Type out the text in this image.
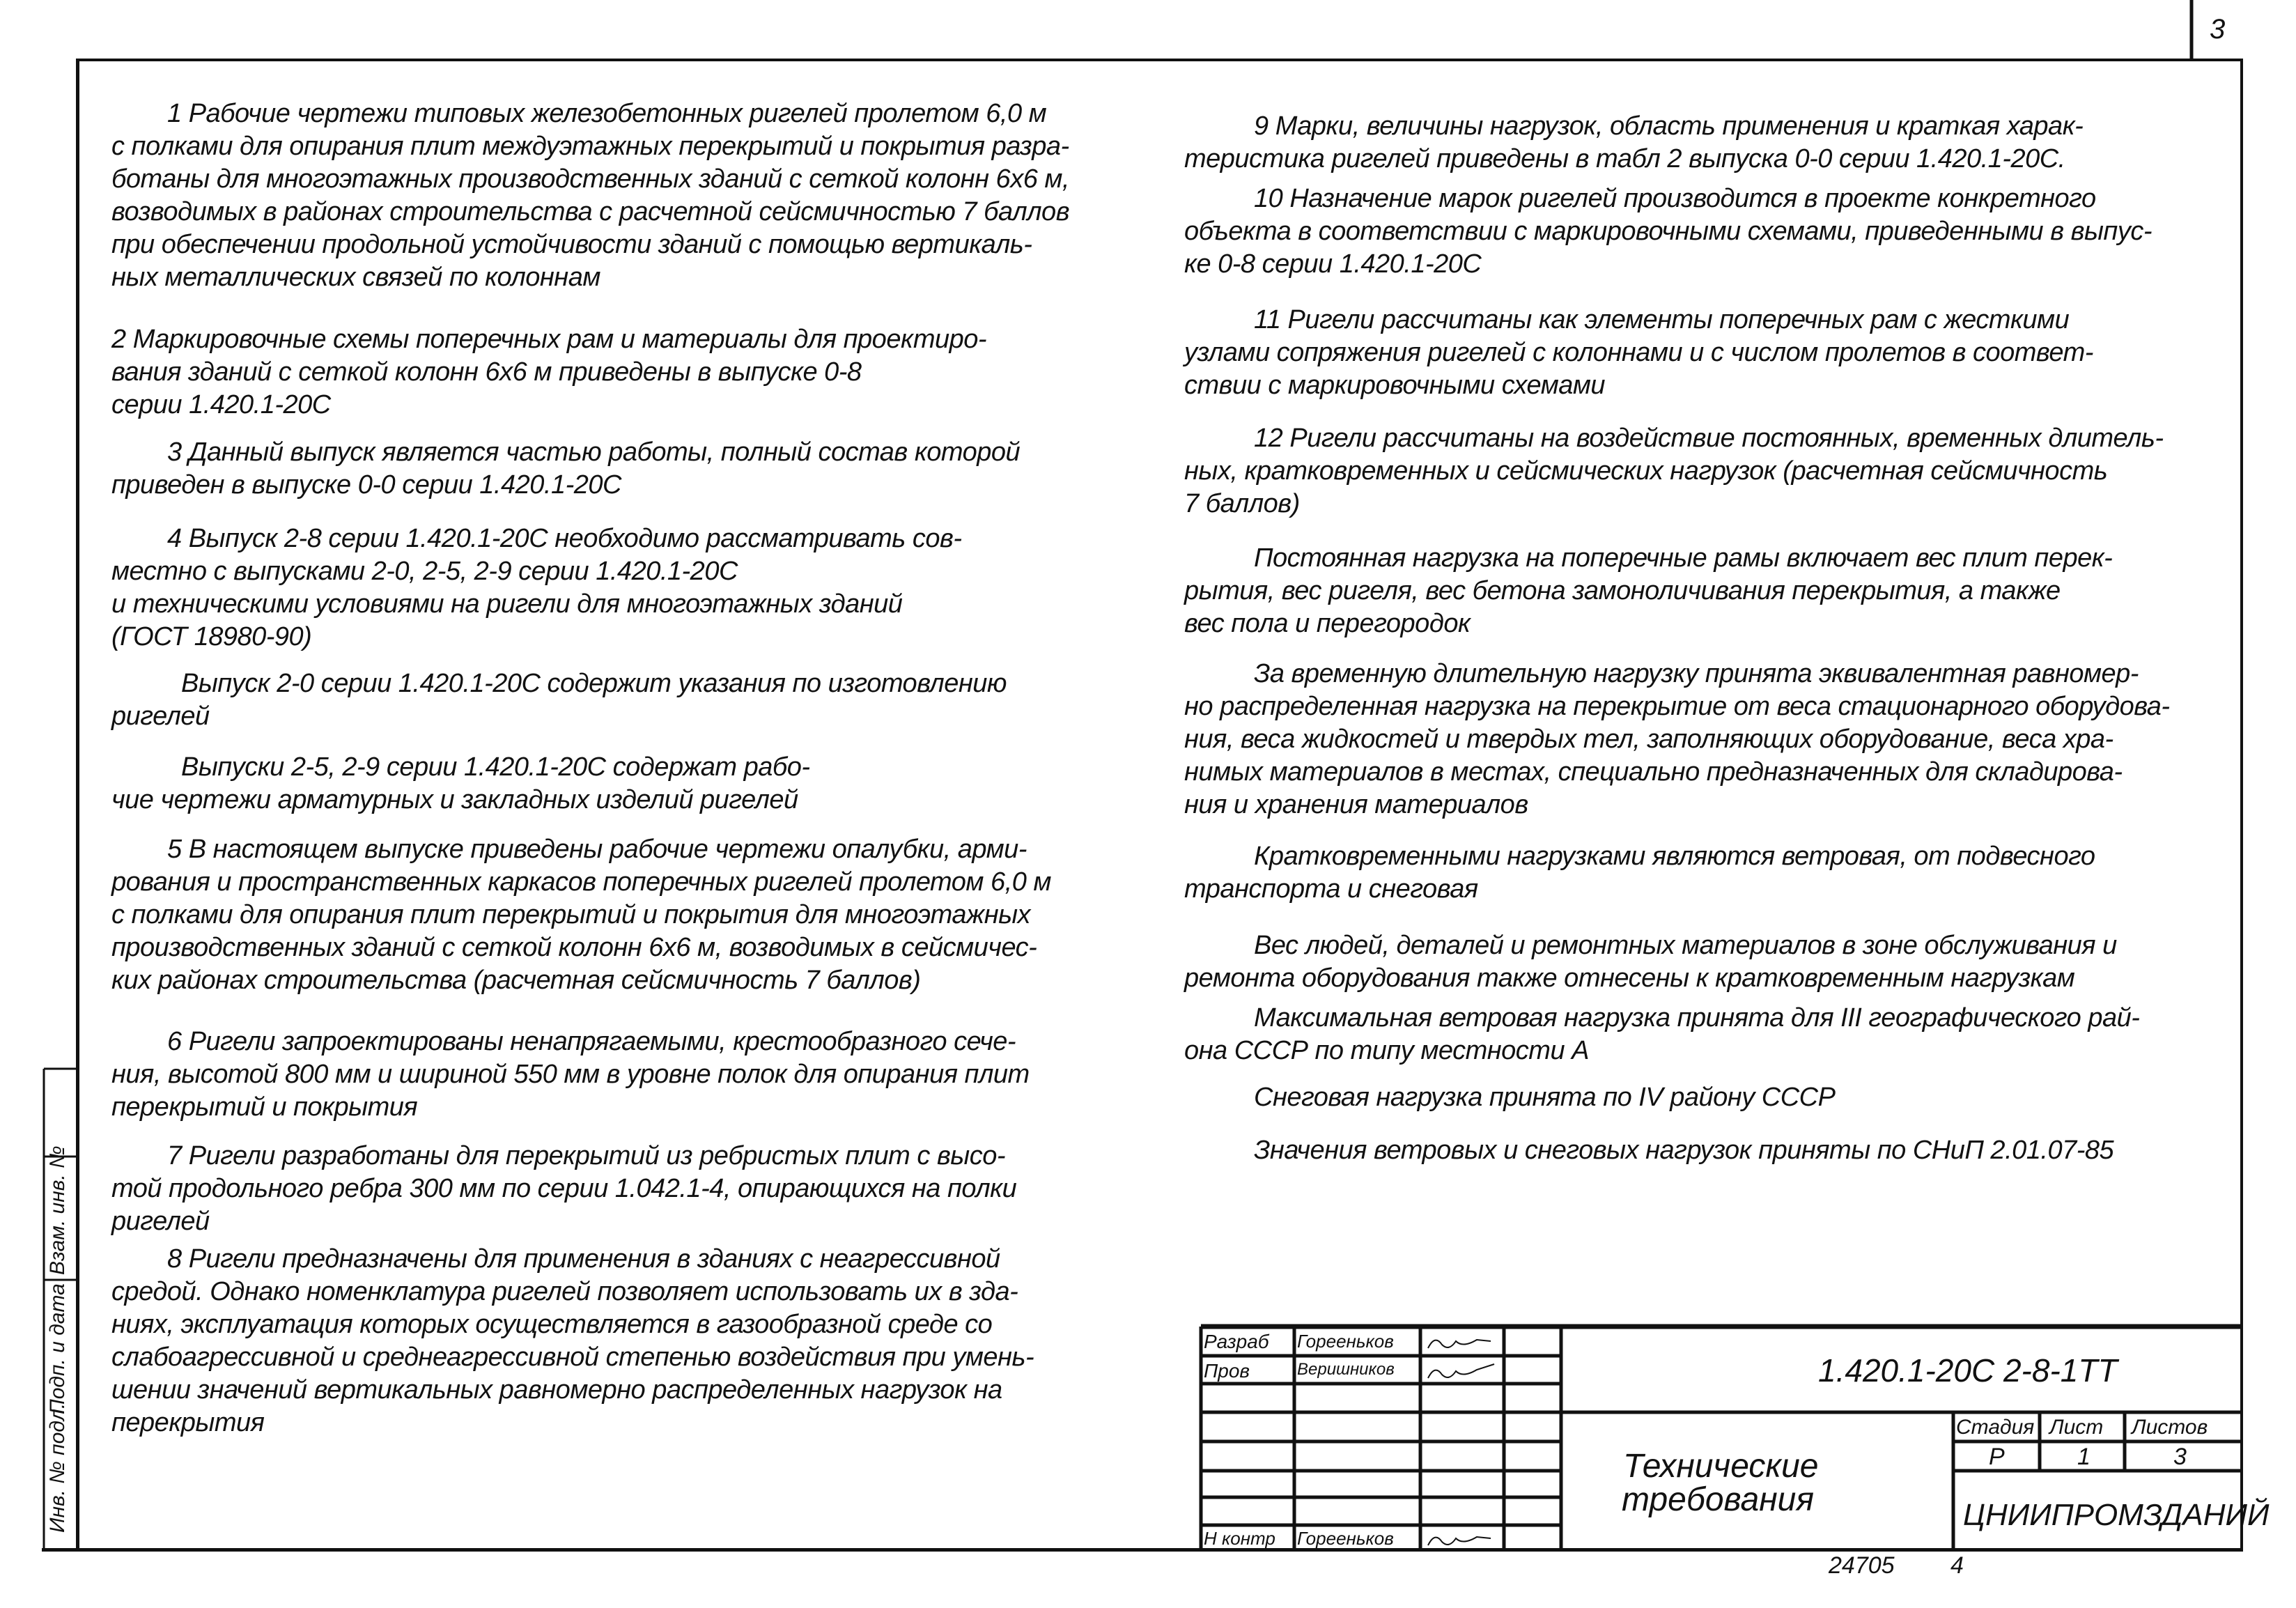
3
Инв. № подл.
Подп. и дата
Взам. инв. №
1 Рабочие чертежи типовых железобетонных ригелей пролетом 6,0 м
с полками для опирания плит междуэтажных перекрытий и покрытия разра-
ботаны для многоэтажных производственных зданий с сеткой колонн 6х6 м,
возводимых в районах строительства с расчетной сейсмичностью 7 баллов
при обеспечении продольной устойчивости зданий с помощью вертикаль-
ных металлических связей по колоннам
2 Маркировочные схемы поперечных рам и материалы для проектиро-
вания зданий с сеткой колонн 6х6 м приведены в выпуске 0-8
серии 1.420.1-20С
3 Данный выпуск является частью работы, полный состав которой
приведен в выпуске 0-0 серии 1.420.1-20С
4 Выпуск 2-8 серии 1.420.1-20С необходимо рассматривать сов-
местно с выпусками 2-0, 2-5, 2-9 серии 1.420.1-20С
и техническими условиями на ригели для многоэтажных зданий
(ГОСТ 18980-90)
Выпуск 2-0 серии 1.420.1-20С содержит указания по изготовлению
ригелей
Выпуски 2-5, 2-9 серии 1.420.1-20С содержат рабо-
чие чертежи арматурных и закладных изделий ригелей
5 В настоящем выпуске приведены рабочие чертежи опалубки, арми-
рования и пространственных каркасов поперечных ригелей пролетом 6,0 м
с полками для опирания плит перекрытий и покрытия для многоэтажных
производственных зданий с сеткой колонн 6х6 м, возводимых в сейсмичес-
ких районах строительства (расчетная сейсмичность 7 баллов)
6 Ригели запроектированы ненапрягаемыми, крестообразного сече-
ния, высотой 800 мм и шириной 550 мм в уровне полок для опирания плит
перекрытий и покрытия
7 Ригели разработаны для перекрытий из ребристых плит с высо-
той продольного ребра 300 мм по серии 1.042.1-4, опирающихся на полки
ригелей
8 Ригели предназначены для применения в зданиях с неагрессивной
средой. Однако номенклатура ригелей позволяет использовать их в зда-
ниях, эксплуатация которых осуществляется в газообразной среде со
слабоагрессивной и среднеагрессивной степенью воздействия при умень-
шении значений вертикальных равномерно распределенных нагрузок на
перекрытия
9 Марки, величины нагрузок, область применения и краткая харак-
теристика ригелей приведены в табл 2 выпуска 0-0 серии 1.420.1-20С.
10 Назначение марок ригелей производится в проекте конкретного
объекта в соответствии с маркировочными схемами, приведенными в выпус-
ке 0-8 серии 1.420.1-20С
11 Ригели рассчитаны как элементы поперечных рам с жесткими
узлами сопряжения ригелей с колоннами и с числом пролетов в соответ-
ствии с маркировочными схемами
12 Ригели рассчитаны на воздействие постоянных, временных длитель-
ных, кратковременных и сейсмических нагрузок (расчетная сейсмичность
7 баллов)
Постоянная нагрузка на поперечные рамы включает вес плит перек-
рытия, вес ригеля, вес бетона замоноличивания перекрытия, а также
вес пола и перегородок
За временную длительную нагрузку принята эквивалентная равномер-
но распределенная нагрузка на перекрытие от веса стационарного оборудова-
ния, веса жидкостей и твердых тел, заполняющих оборудование, веса хра-
нимых материалов в местах, специально предназначенных для складирова-
ния и хранения материалов
Кратковременными нагрузками являются ветровая, от подвесного
транспорта и снеговая
Вес людей, деталей и ремонтных материалов в зоне обслуживания и
ремонта оборудования также отнесены к кратковременным нагрузкам
Максимальная ветровая нагрузка принята для III географического рай-
она СССР по типу местности А
Снеговая нагрузка принята по IV району СССР
Значения ветровых и снеговых нагрузок приняты по СНиП 2.01.07-85
Разраб
Пров
Н контр
Горееньков
Веришников
Горееньков
1.420.1-20С 2-8-1ТТ
Технические
требования
Стадия Лист Листов
Р	1	3
ЦНИИПРОМЗДАНИЙ
24705 4
